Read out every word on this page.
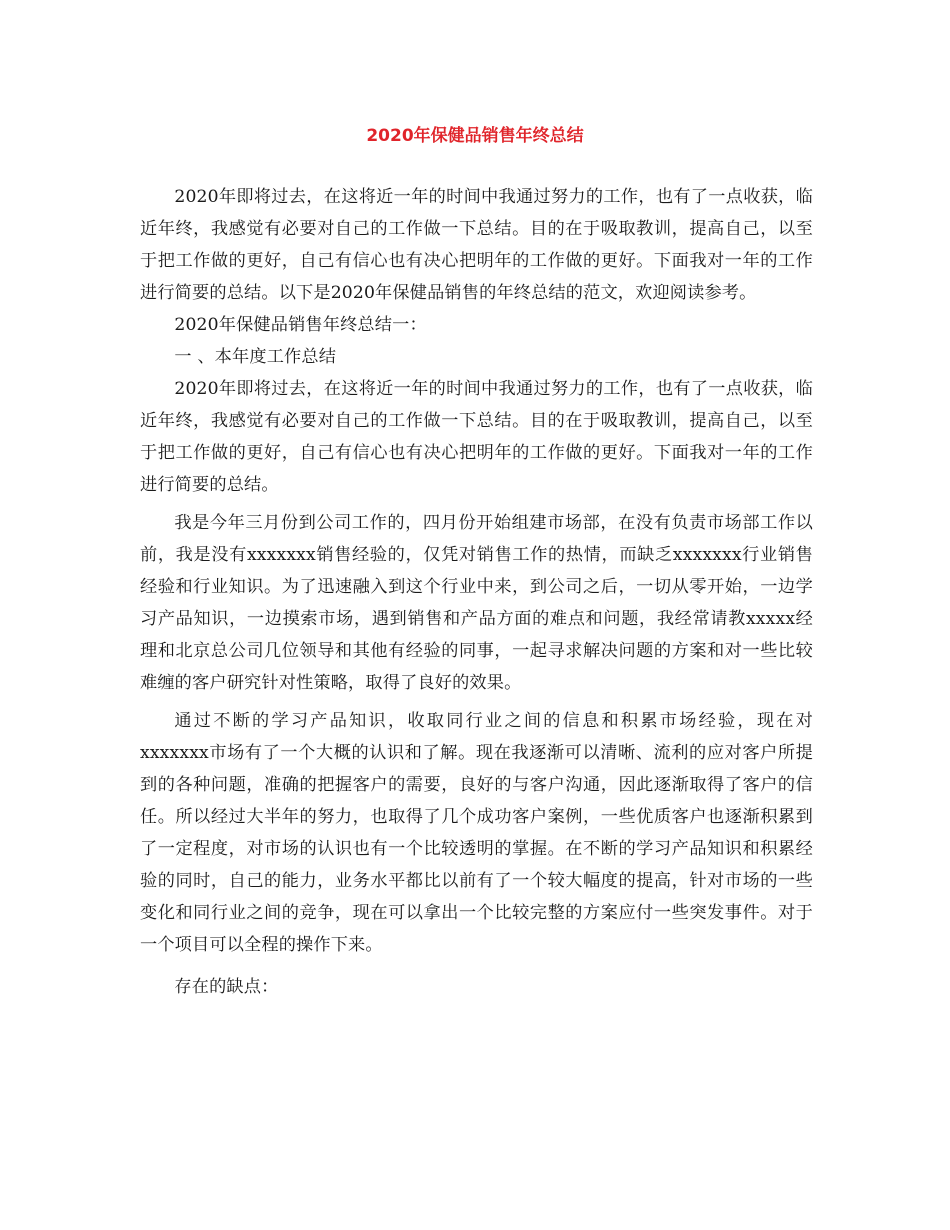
2020年保健品销售年终总结

2020年即将过去，在这将近一年的时间中我通过努力的工作，也有了一点收获，临近年终，我感觉有必要对自己的工作做一下总结。目的在于吸取教训，提高自己，以至于把工作做的更好，自己有信心也有决心把明年的工作做的更好。下面我对一年的工作进行简要的总结。以下是2020年保健品销售的年终总结的范文，欢迎阅读参考。

2020年保健品销售年终总结一：

一 、本年度工作总结

2020年即将过去，在这将近一年的时间中我通过努力的工作，也有了一点收获，临近年终，我感觉有必要对自己的工作做一下总结。目的在于吸取教训，提高自己，以至于把工作做的更好，自己有信心也有决心把明年的工作做的更好。下面我对一年的工作进行简要的总结。

我是今年三月份到公司工作的，四月份开始组建市场部，在没有负责市场部工作以前，我是没有xxxxxxx销售经验的，仅凭对销售工作的热情，而缺乏xxxxxxx行业销售经验和行业知识。为了迅速融入到这个行业中来，到公司之后，一切从零开始，一边学习产品知识，一边摸索市场，遇到销售和产品方面的难点和问题，我经常请教xxxxx经理和北京总公司几位领导和其他有经验的同事，一起寻求解决问题的方案和对一些比较难缠的客户研究针对性策略，取得了良好的效果。

通过不断的学习产品知识，收取同行业之间的信息和积累市场经验，现在对xxxxxxx市场有了一个大概的认识和了解。现在我逐渐可以清晰、流利的应对客户所提到的各种问题，准确的把握客户的需要，良好的与客户沟通，因此逐渐取得了客户的信任。所以经过大半年的努力，也取得了几个成功客户案例，一些优质客户也逐渐积累到了一定程度，对市场的认识也有一个比较透明的掌握。在不断的学习产品知识和积累经验的同时，自己的能力，业务水平都比以前有了一个较大幅度的提高，针对市场的一些变化和同行业之间的竞争，现在可以拿出一个比较完整的方案应付一些突发事件。对于一个项目可以全程的操作下来。

存在的缺点：
